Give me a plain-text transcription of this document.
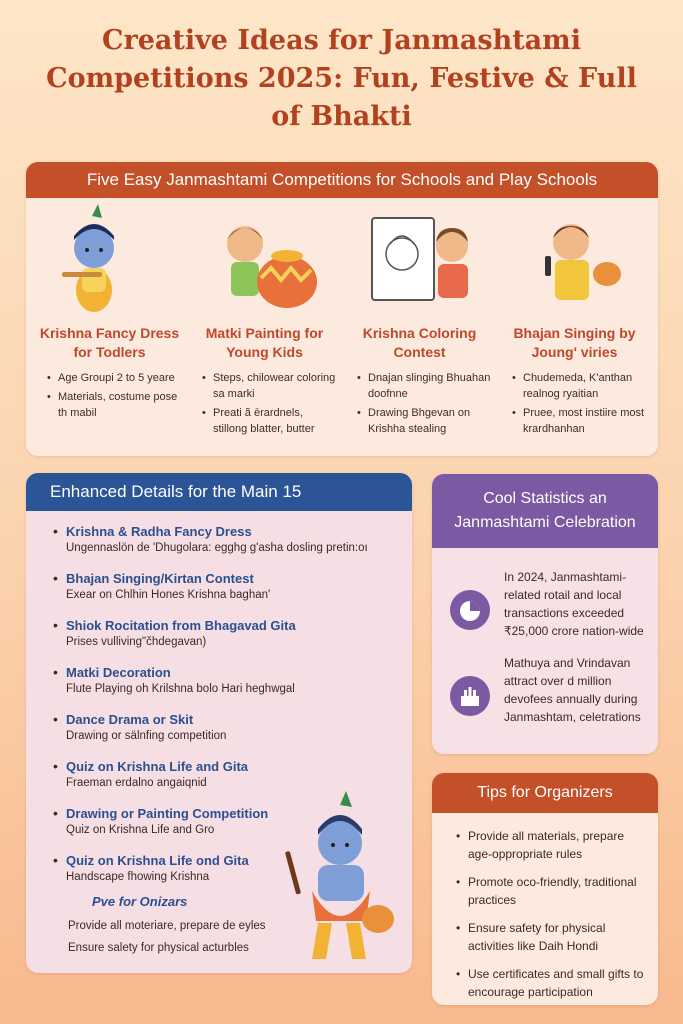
Creative Ideas for Janmashtami Competitions 2025: Fun, Festive & Full of Bhakti
Five Easy Janmashtami Competitions for Schools and Play Schools
Krishna Fancy Dress for Todlers
• Age Groupi 2 to 5 yeare
• Materials, costume pose th mabil
Matki Painting for Young Kids
• Steps, chilowear coloring sa marki
• Preati ã ērardnels, stillong blatter, butter
Krishna Coloring Contest
• Dnajan slinging Bhuahan doofnne
• Drawing Bhgevan on Krishha stealing
Bhajan Singing by Joung' viries
• Chudemeda, K'anthan realnog ryaitian
• Pruee, most instiire most krardhanhan
Enhanced Details for the Main 15
• Krishna & Radha Fancy Dress
Ungennaslön de 'Dhugolara: egghg g'asha dosling pretin:oı
• Bhajan Singing/Kirtan Contest
Exear on Chlhin Hones Krishna baghan'
• Shiok Rocitation from Bhagavad Gita
Prises vulliving"čhdegavan)
• Matki Decoration
Flute Playing oh Krilshna bolo Hari heghwgal
• Dance Drama or Skit
Drawing or sälnfing competition
• Quiz on Krishna Life and Gita
Fraeman erdalno angaiqnid
• Drawing or Painting Competition
Quiz on Krishna Life and Gro
• Quiz on Krishna Life ond Gita
Handscape fhowing Krishna
Pve for Onizars
Provide all moteriare, prepare de eyles
Ensure salety for physical acturbles
Cool Statistics an Janmashtami Celebration
In 2024, Janmashtami-related rotail and local transactions exceeded ₹25,000 crore nation-wide
Mathuya and Vrindavan attract over d million devofees annually during Janmashtam, celetrations
Tips for Organizers
• Provide all materials, prepare age-oppropriate rules
• Promote oco-friendly, traditional practices
• Ensure safety for physical activities like Daih Hondi
• Use certificates and small gifts to encourage participation
